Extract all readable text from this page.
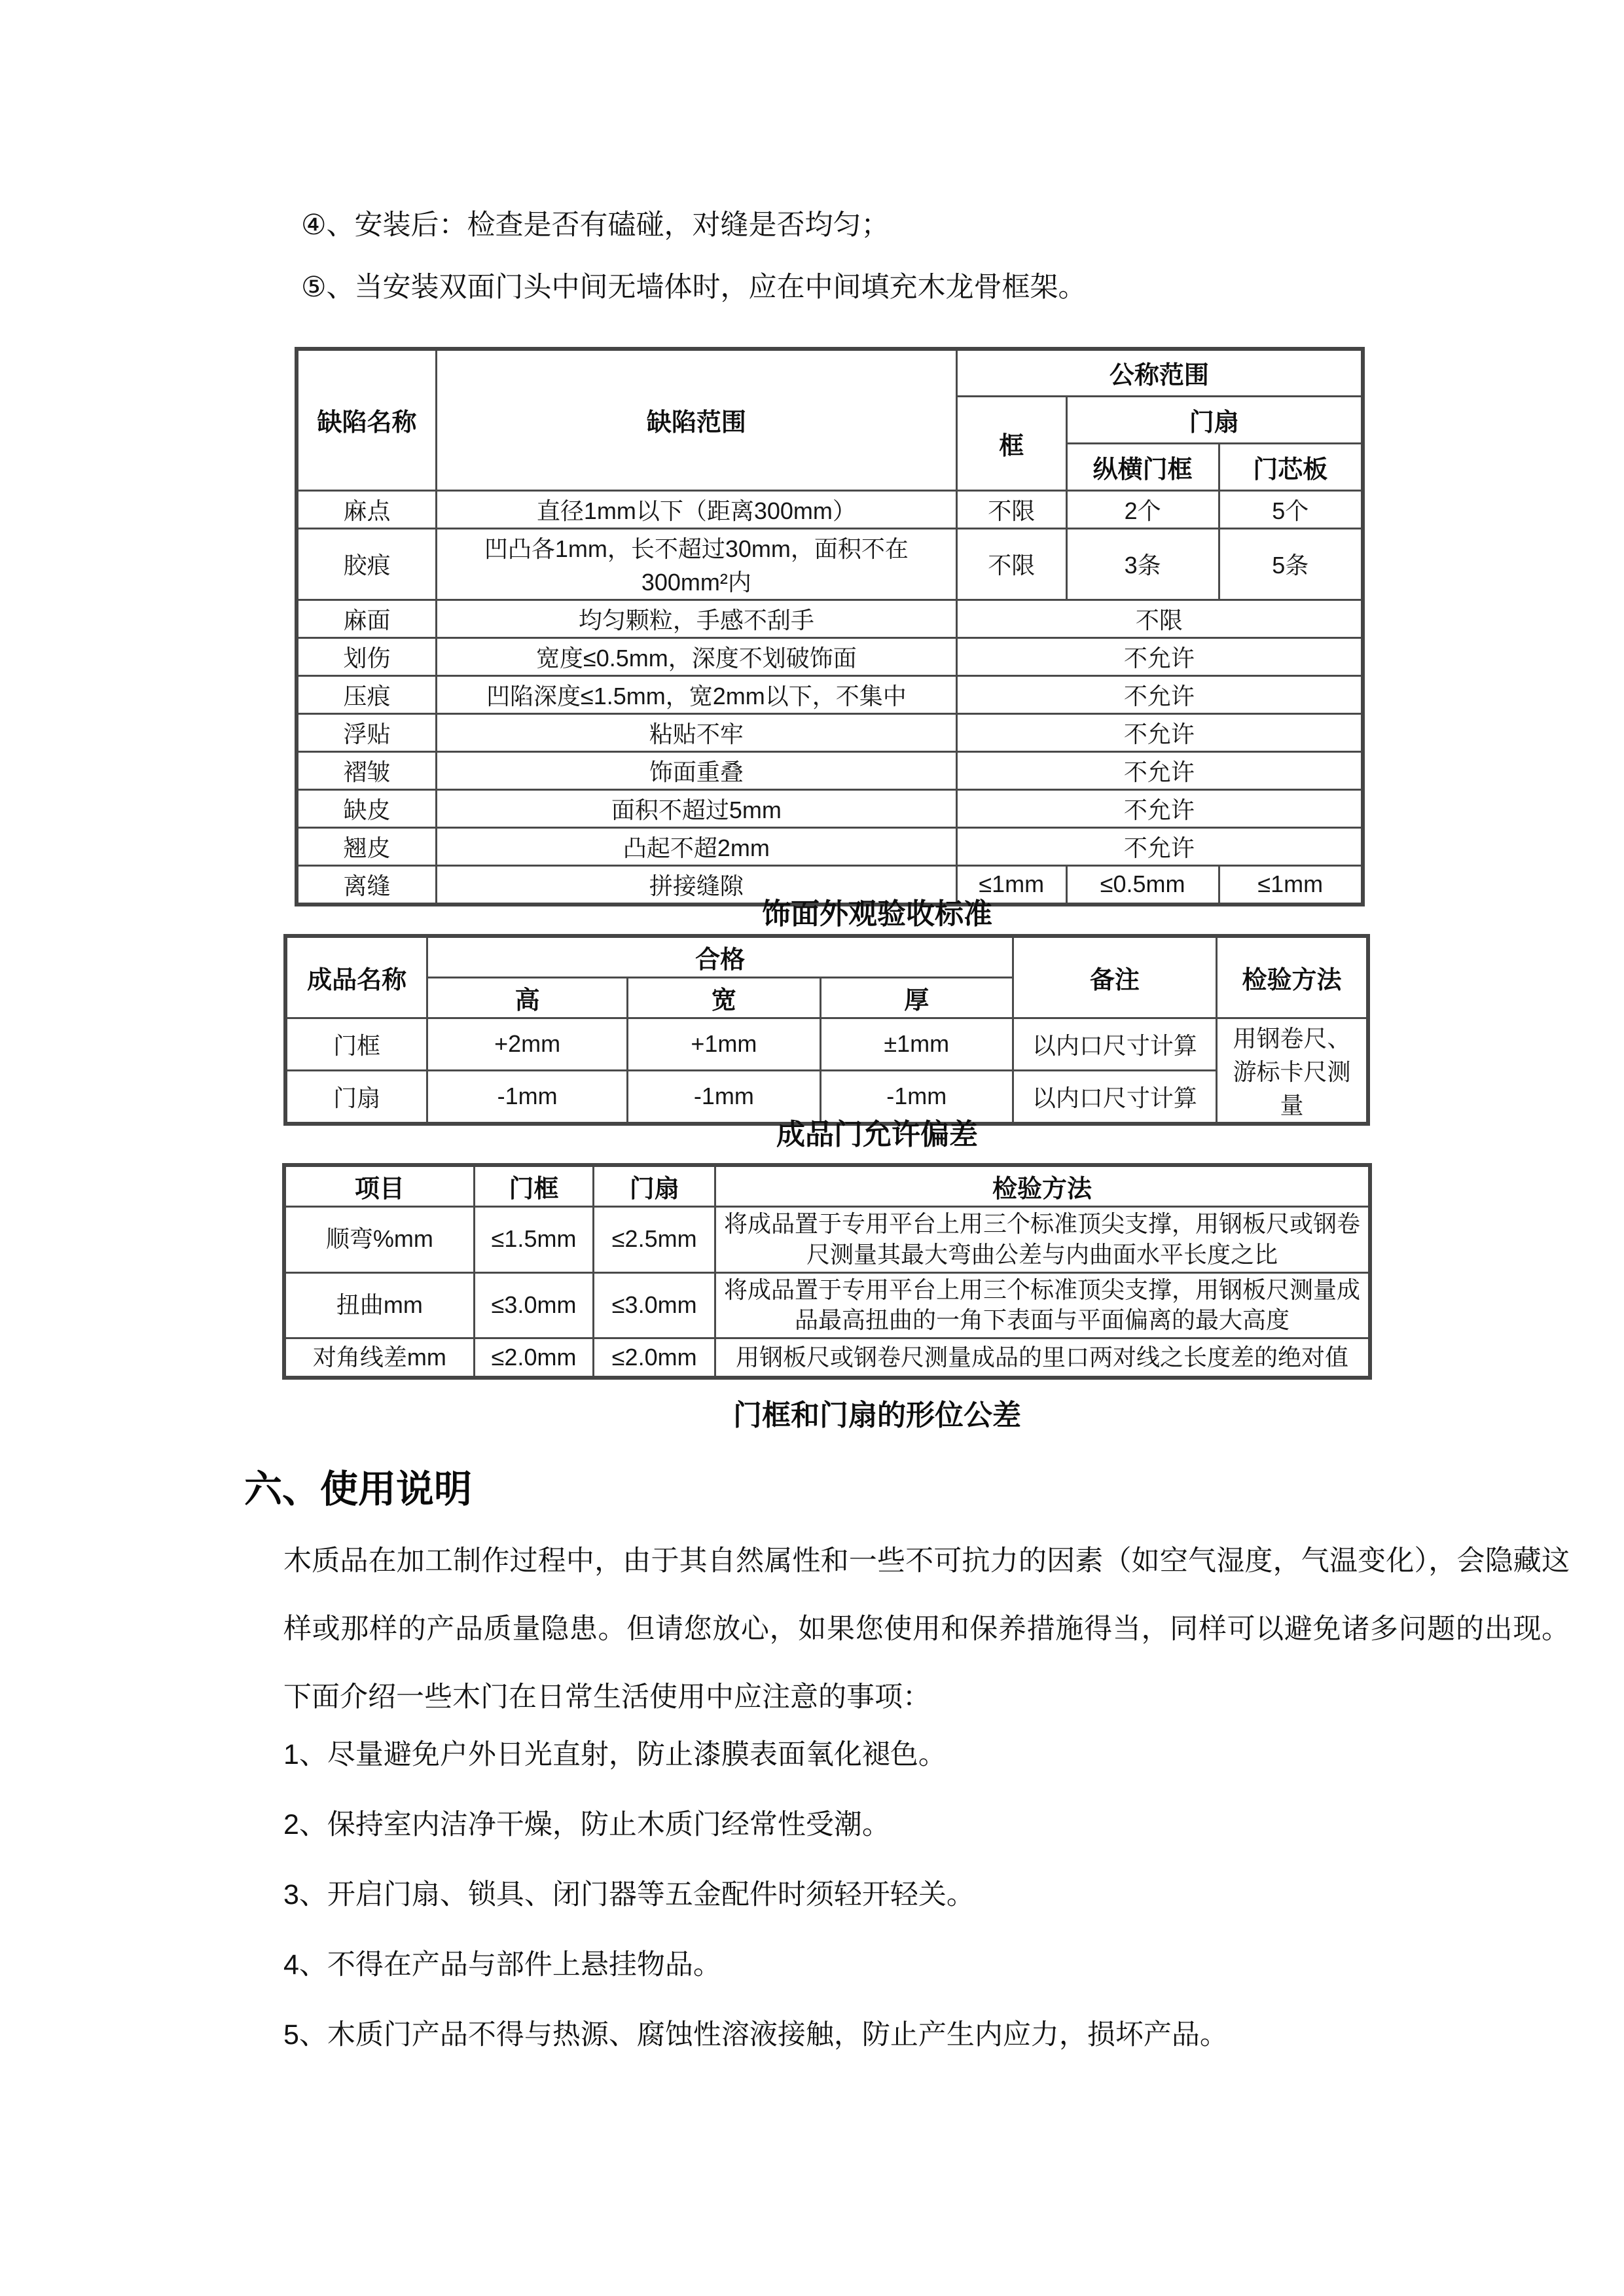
④、安装后：检查是否有磕碰，对缝是否均匀；
⑤、当安装双面门头中间无墙体时，应在中间填充木龙骨框架。
缺陷名称	缺陷范围	公称范围		
		框	门扇	
			纵横门框	门芯板
麻点	直径1mm以下（距离300mm）	不限	2个	5个
胶痕	凹凸各1mm，长不超过30mm，面积不在300mm²内	不限	3条	5条
麻面	均匀颗粒，手感不刮手	不限		
划伤	宽度≤0.5mm，深度不划破饰面	不允许		
压痕	凹陷深度≤1.5mm，宽2mm以下，不集中	不允许		
浮贴	粘贴不牢	不允许		
褶皱	饰面重叠	不允许		
缺皮	面积不超过5mm	不允许		
翘皮	凸起不超2mm	不允许		
离缝	拼接缝隙	≤1mm	≤0.5mm	≤1mm
饰面外观验收标准
成品名称	合格			备注	检验方法
	高	宽	厚		
门框	+2mm	+1mm	±1mm	以内口尺寸计算	用钢卷尺、游标卡尺测量
门扇	-1mm	-1mm	-1mm	以内口尺寸计算	
成品门允许偏差
项目	门框	门扇	检验方法
顺弯%mm	≤1.5mm	≤2.5mm	将成品置于专用平台上用三个标准顶尖支撑，用钢板尺或钢卷尺测量其最大弯曲公差与内曲面水平长度之比
扭曲mm	≤3.0mm	≤3.0mm	将成品置于专用平台上用三个标准顶尖支撑，用钢板尺测量成品最高扭曲的一角下表面与平面偏离的最大高度
对角线差mm	≤2.0mm	≤2.0mm	用钢板尺或钢卷尺测量成品的里口两对线之长度差的绝对值
门框和门扇的形位公差
六、使用说明

木质品在加工制作过程中，由于其自然属性和一些不可抗力的因素（如空气湿度，气温变化），会隐藏这样或那样的产品质量隐患。但请您放心，如果您使用和保养措施得当，同样可以避免诸多问题的出现。下面介绍一些木门在日常生活使用中应注意的事项：

1、尽量避免户外日光直射，防止漆膜表面氧化褪色。
2、保持室内洁净干燥，防止木质门经常性受潮。
3、开启门扇、锁具、闭门器等五金配件时须轻开轻关。
4、不得在产品与部件上悬挂物品。
5、木质门产品不得与热源、腐蚀性溶液接触，防止产生内应力，损坏产品。
